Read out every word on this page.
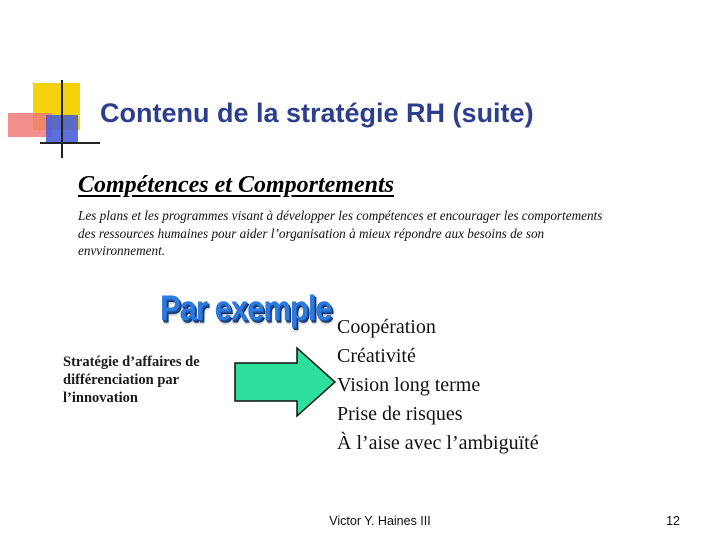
Contenu de la stratégie RH (suite)
Compétences et Comportements

Les plans et les programmes visant à développer les compétences et encourager les comportements des ressources humaines pour aider l’organisation à mieux répondre aux besoins de son envvironnement.

Par exemple

Stratégie d’affaires de différenciation par l’innovation

Coopération
Créativité
Vision long terme
Prise de risques
À l’aise avec l’ambiguïté
Victor Y. Haines III	12
